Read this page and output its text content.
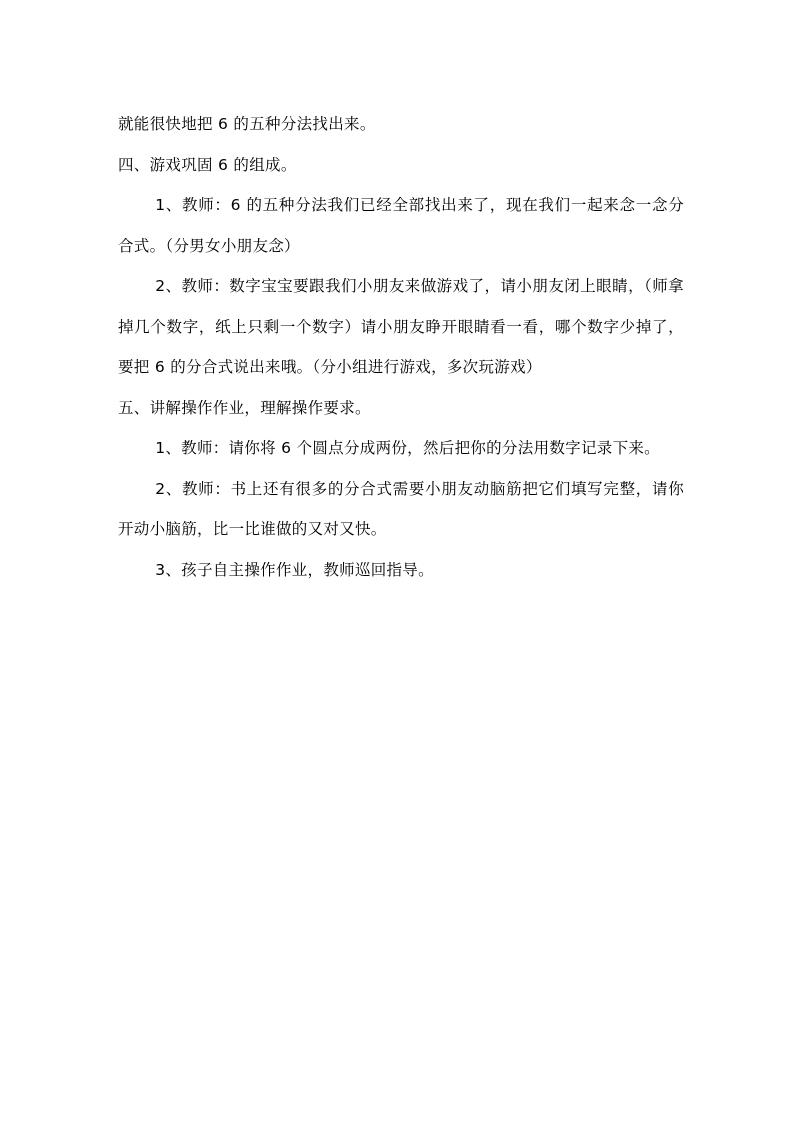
就能很快地把 6 的五种分法找出来。

四、游戏巩固 6 的组成。

1、教师：6 的五种分法我们已经全部找出来了，现在我们一起来念一念分合式。（分男女小朋友念）

2、教师：数字宝宝要跟我们小朋友来做游戏了，请小朋友闭上眼睛，（师拿掉几个数字，纸上只剩一个数字）请小朋友睁开眼睛看一看，哪个数字少掉了，要把 6 的分合式说出来哦。（分小组进行游戏，多次玩游戏）

五、讲解操作作业，理解操作要求。

1、教师：请你将 6 个圆点分成两份，然后把你的分法用数字记录下来。

2、教师：书上还有很多的分合式需要小朋友动脑筋把它们填写完整，请你开动小脑筋，比一比谁做的又对又快。

3、孩子自主操作作业，教师巡回指导。
